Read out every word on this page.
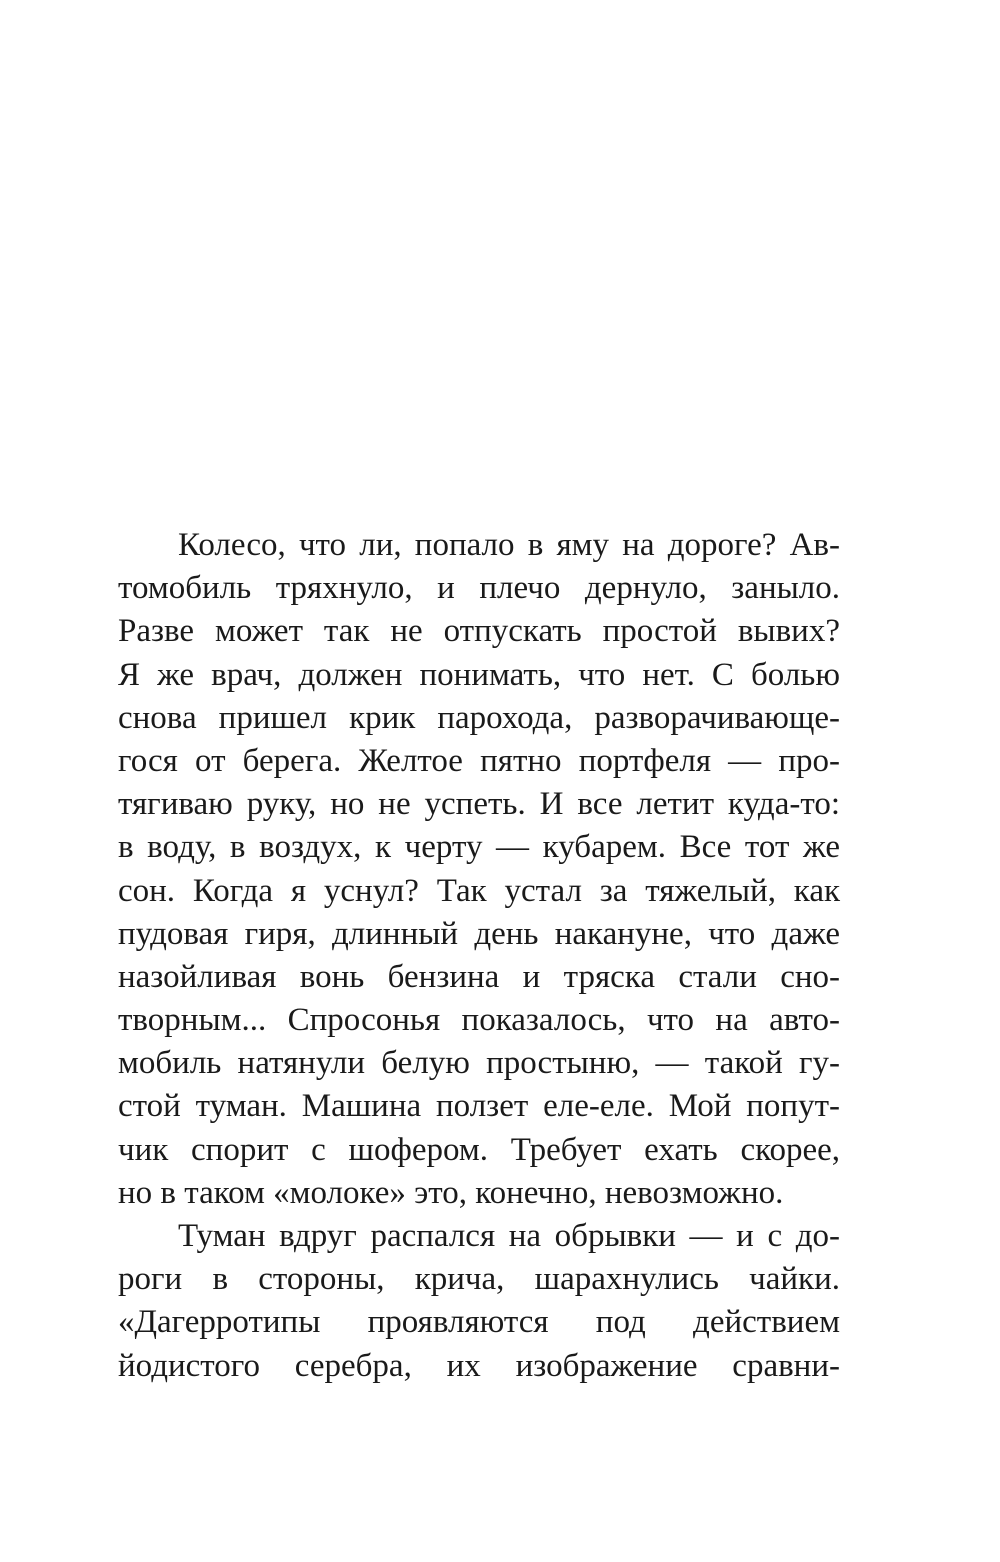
Колесо, что ли, попало в яму на дороге? Ав-
томобиль тряхнуло, и плечо дернуло, заныло.
Разве может так не отпускать простой вывих?
Я же врач, должен понимать, что нет. С болью
снова пришел крик парохода, разворачивающе-
гося от берега. Желтое пятно портфеля — про-
тягиваю руку, но не успеть. И все летит куда-то:
в воду, в воздух, к черту — кубарем. Все тот же
сон. Когда я уснул? Так устал за тяжелый, как
пудовая гиря, длинный день накануне, что даже
назойливая вонь бензина и тряска стали сно-
творным... Спросонья показалось, что на авто-
мобиль натянули белую простыню, — такой гу-
стой туман. Машина ползет еле-еле. Мой попут-
чик спорит с шофером. Требует ехать скорее,
но в таком «молоке» это, конечно, невозможно.
Туман вдруг распался на обрывки — и с до-
роги в стороны, крича, шарахнулись чайки.
«Дагерротипы проявляются под действием
йодистого серебра, их изображение сравни-
